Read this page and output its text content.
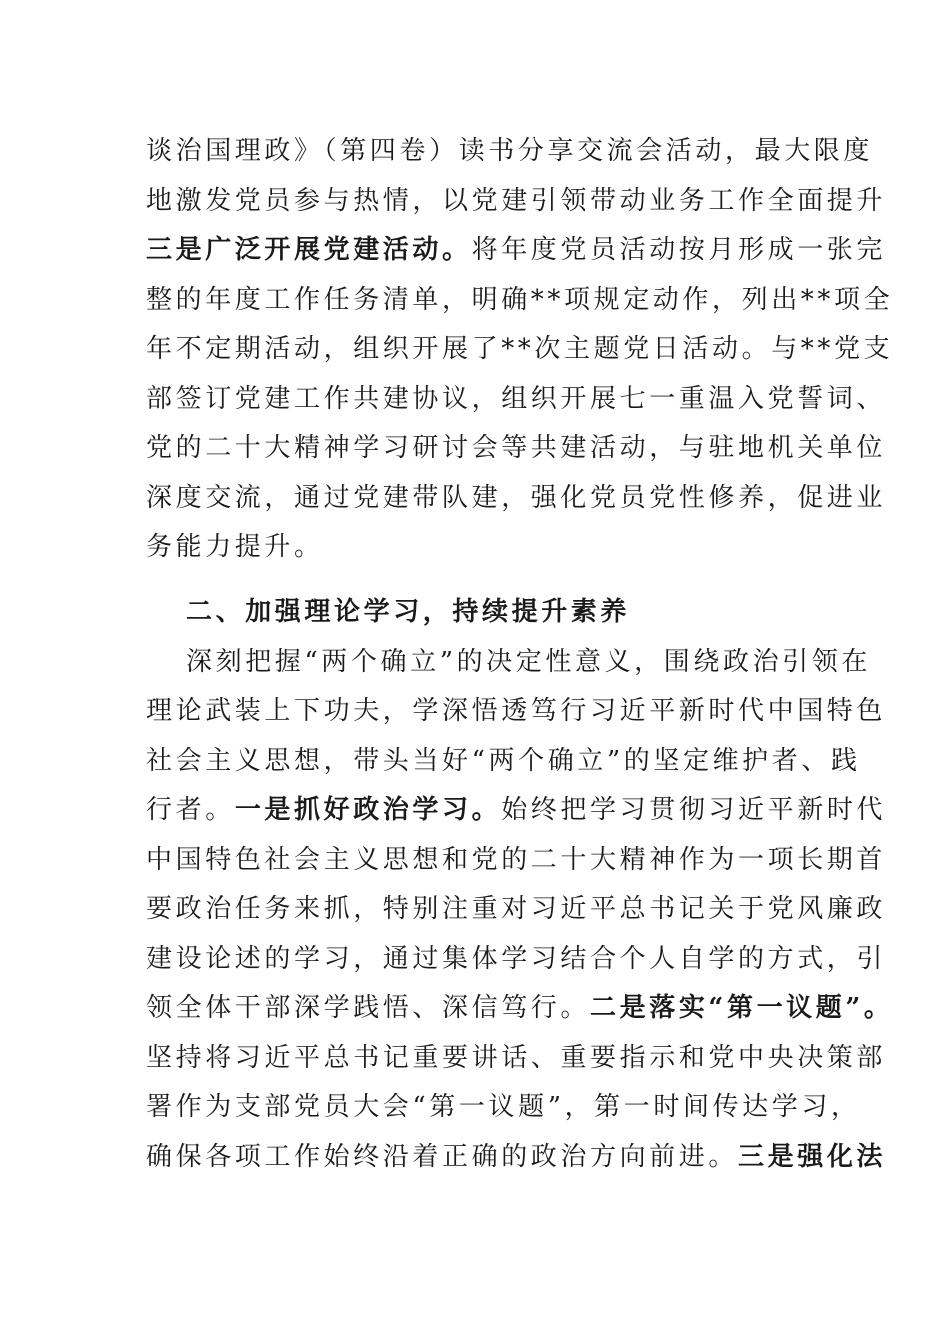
谈治国理政》（第四卷）读书分享交流会活动，最大限度
地激发党员参与热情，以党建引领带动业务工作全面提升
三是广泛开展党建活动。将年度党员活动按月形成一张完
整的年度工作任务清单，明确**项规定动作，列出**项全
年不定期活动，组织开展了**次主题党日活动。与**党支
部签订党建工作共建协议，组织开展七一重温入党誓词、
党的二十大精神学习研讨会等共建活动，与驻地机关单位
深度交流，通过党建带队建，强化党员党性修养，促进业
务能力提升。
二、加强理论学习，持续提升素养
深刻把握“两个确立”的决定性意义，围绕政治引领在
理论武装上下功夫，学深悟透笃行习近平新时代中国特色
社会主义思想，带头当好“两个确立”的坚定维护者、践
行者。一是抓好政治学习。始终把学习贯彻习近平新时代
中国特色社会主义思想和党的二十大精神作为一项长期首
要政治任务来抓，特别注重对习近平总书记关于党风廉政
建设论述的学习，通过集体学习结合个人自学的方式，引
领全体干部深学践悟、深信笃行。二是落实“第一议题”。
坚持将习近平总书记重要讲话、重要指示和党中央决策部
署作为支部党员大会“第一议题”，第一时间传达学习，
确保各项工作始终沿着正确的政治方向前进。三是强化法
